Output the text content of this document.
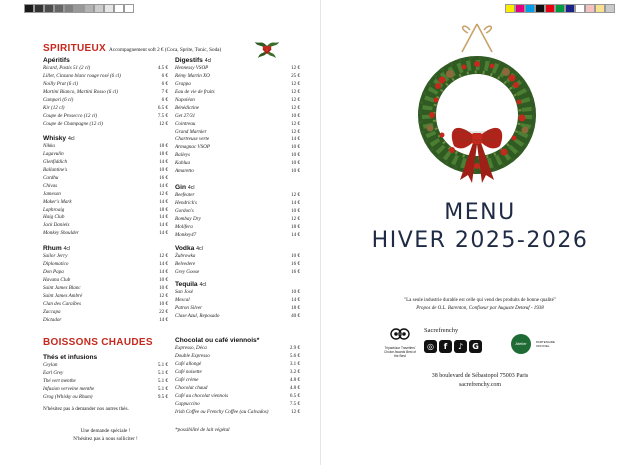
SPIRITUEUX Accompagnement soft 2 € (Coca, Sprite, Tonic, Soda)
Apéritifs
Ricard, Pastis 51 (2 cl)	4.5 €
Lillet, Cinzano blanc rouge rosé (6 cl)	6 €
Noilly Prat (6 cl)	6 €
Martini Bianco, Martini Rosso (6 cl)	7 €
Campari (6 cl)	6 €
Kir (12 cl)	6.5 €
Coupe de Prosecco (12 cl)	7.5 €
Coupe de Champagne (12 cl)	12 €
Whisky 4cl
Nikka	18 €
Lagavulin	18 €
Glenfiddich	14 €
Ballantine's	10 €
Cardhu	16 €
Chivas	14 €
Jameson	12 €
Maker's Mark	14 €
Laphroaig	18 €
Haig Club	14 €
Jack Daniels	14 €
Monkey Shoulder	14 €
Rhum 4cl
Sailor Jerry	12 €
Diplomatico	14 €
Don Papa	14 €
Havana Club	10 €
Saint James Blanc	10 €
Saint James Ambré	12 €
Clan des Caraïbes	10 €
Zaccapa	22 €
Dictador	14 €
Digestifs 4cl
Hennessy VSOP	12 €
Rémy Martin XO	25 €
Grappa	12 €
Eau de vie de fruits	12 €
Napoléon	12 €
Bénédictine	12 €
Get 27/31	10 €
Cointreau	12 €
Grand Marnier	12 €
Chartreuse verte	14 €
Armagnac VSOP	10 €
Baileys	10 €
Kahlua	10 €
Amaretto	10 €
Gin 4cl
Beefeater	12 €
Hendrick's	14 €
Gordon's	10 €
Bombay Dry	12 €
Molifera	18 €
Monkey47	14 €
Vodka 4cl
Żubrowka	10 €
Belvedere	16 €
Grey Goose	16 €
Tequila 4cl
San José	10 €
Mescal	14 €
Patron Silver	18 €
Clase Azul, Reposado	40 €
BOISSONS CHAUDES
Thés et infusions
Ceylan	5.1 €
Earl Grey	5.1 €
Thé vert menthe	5.1 €
Infusion verveine menthe	5.1 €
Grog (Whisky ou Rhum)	9.5 €
N'hésitez pas à demander nos autres thés.
Chocolat ou café viennois*
Expresso, Déca	2.9 €
Double Expresso	5.6 €
Café allongé	3.1 €
Café noisette	3.2 €
Café crème	4.8 €
Chocolat chaud	4.8 €
Café au chocolat viennois	6.5 €
Cappuccino	7.5 €
Irish Coffee ou Frenchy Coffee (au Calvados)	12 €
*possibilité de lait végétal
Une demande spéciale !
N'hésitez pas à nous solliciter !
MENU
HIVER 2025-2026
"La seule industrie durable est celle qui vend des produits de bonne qualité"
Propos de O.L. Barenton, Confiseur par Auguste Detœuf - 1938
Tripadvisor Travellers' Choice Awards Best of the Best
Sacrefrenchy
◎	f	♪	G	Atelier	PARTENAIRE OFFICIEL
38 boulevard de Sébastopol 75003 Paris
sacrefrenchy.com
